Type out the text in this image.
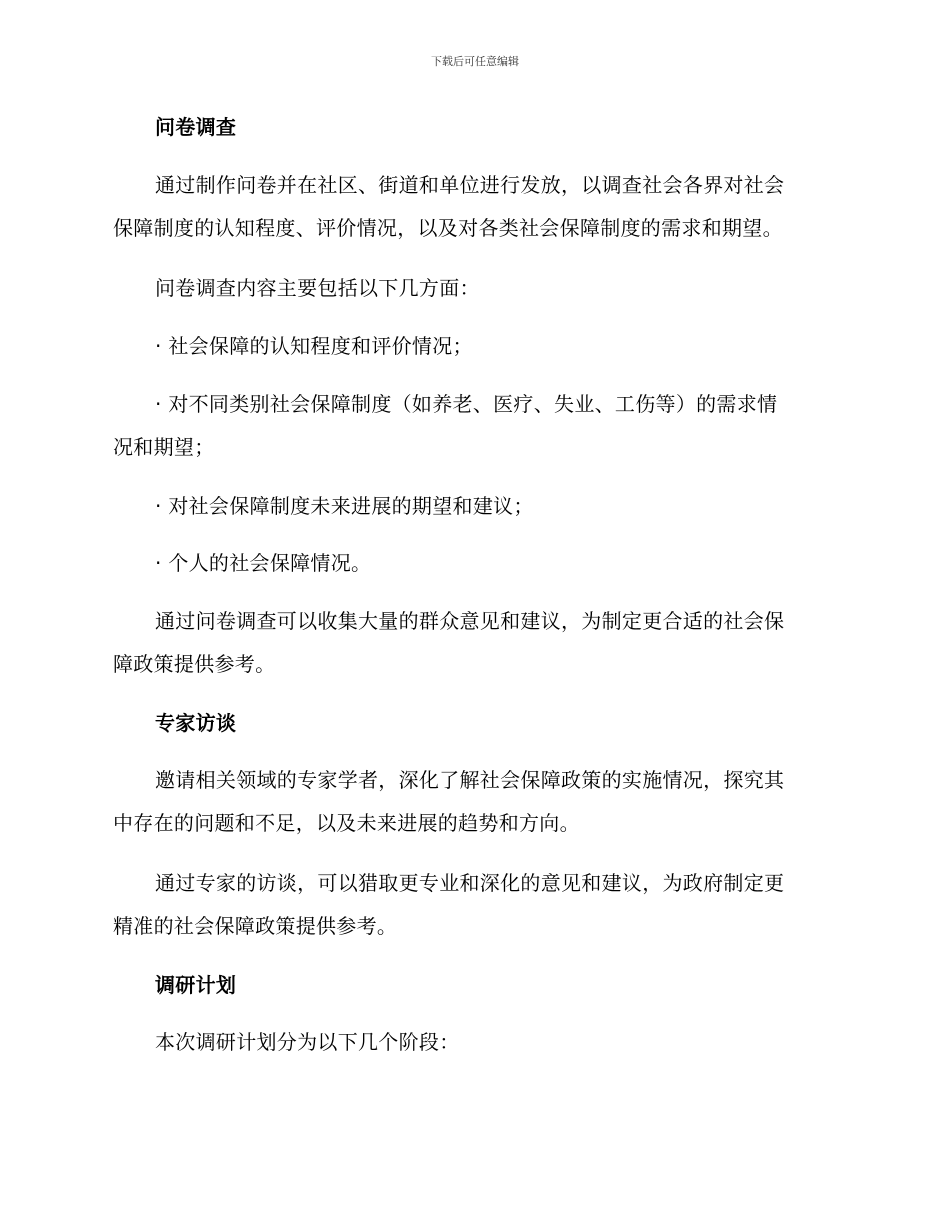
下载后可任意编辑
问卷调查
通过制作问卷并在社区、街道和单位进行发放，以调查社会各界对社会
保障制度的认知程度、评价情况，以及对各类社会保障制度的需求和期望。
问卷调查内容主要包括以下几方面：
· 社会保障的认知程度和评价情况；
· 对不同类别社会保障制度（如养老、医疗、失业、工伤等）的需求情
况和期望；
· 对社会保障制度未来进展的期望和建议；
· 个人的社会保障情况。
通过问卷调查可以收集大量的群众意见和建议，为制定更合适的社会保
障政策提供参考。
专家访谈
邀请相关领域的专家学者，深化了解社会保障政策的实施情况，探究其
中存在的问题和不足，以及未来进展的趋势和方向。
通过专家的访谈，可以猎取更专业和深化的意见和建议，为政府制定更
精准的社会保障政策提供参考。
调研计划
本次调研计划分为以下几个阶段：
